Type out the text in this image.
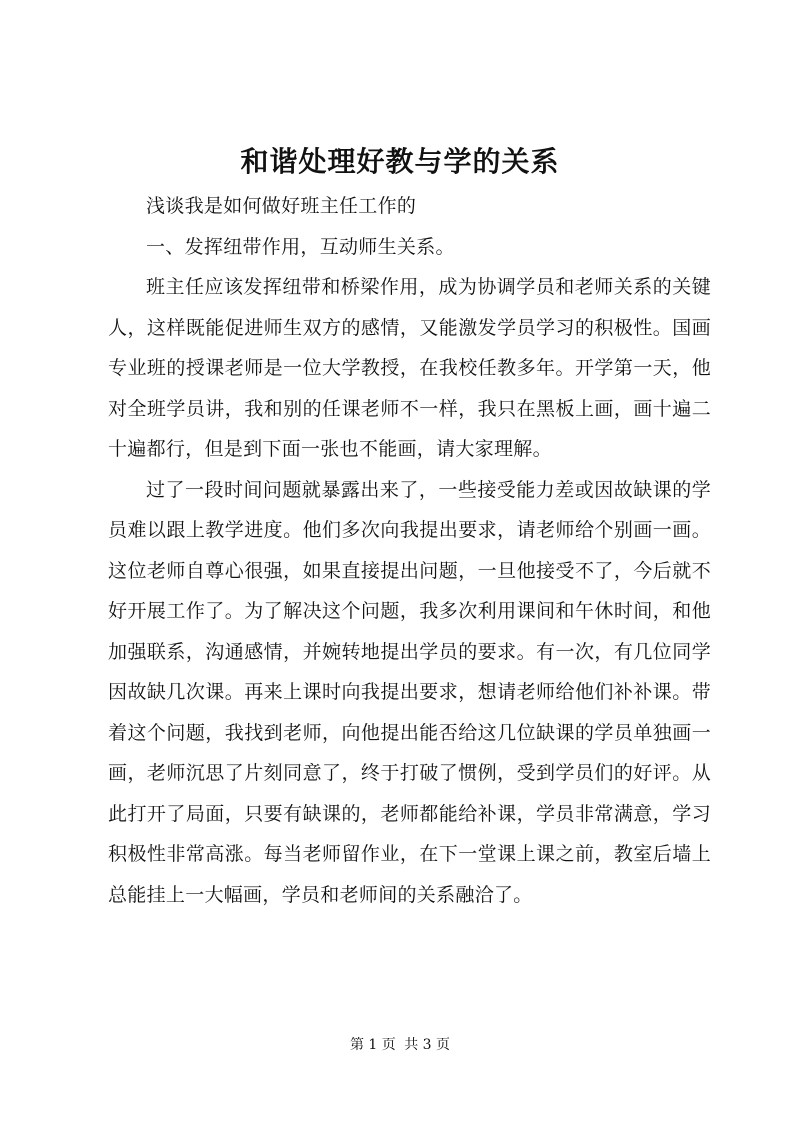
和谐处理好教与学的关系

浅谈我是如何做好班主任工作的

一、发挥纽带作用，互动师生关系。

班主任应该发挥纽带和桥梁作用，成为协调学员和老师关系的关键人，这样既能促进师生双方的感情，又能激发学员学习的积极性。国画专业班的授课老师是一位大学教授，在我校任教多年。开学第一天，他对全班学员讲，我和别的任课老师不一样，我只在黑板上画，画十遍二十遍都行，但是到下面一张也不能画，请大家理解。

过了一段时间问题就暴露出来了，一些接受能力差或因故缺课的学员难以跟上教学进度。他们多次向我提出要求，请老师给个别画一画。这位老师自尊心很强，如果直接提出问题，一旦他接受不了，今后就不好开展工作了。为了解决这个问题，我多次利用课间和午休时间，和他加强联系，沟通感情，并婉转地提出学员的要求。有一次，有几位同学因故缺几次课。再来上课时向我提出要求，想请老师给他们补补课。带着这个问题，我找到老师，向他提出能否给这几位缺课的学员单独画一画，老师沉思了片刻同意了，终于打破了惯例，受到学员们的好评。从此打开了局面，只要有缺课的，老师都能给补课，学员非常满意，学习积极性非常高涨。每当老师留作业，在下一堂课上课之前，教室后墙上总能挂上一大幅画，学员和老师间的关系融洽了。

第 1 页 共 3 页
